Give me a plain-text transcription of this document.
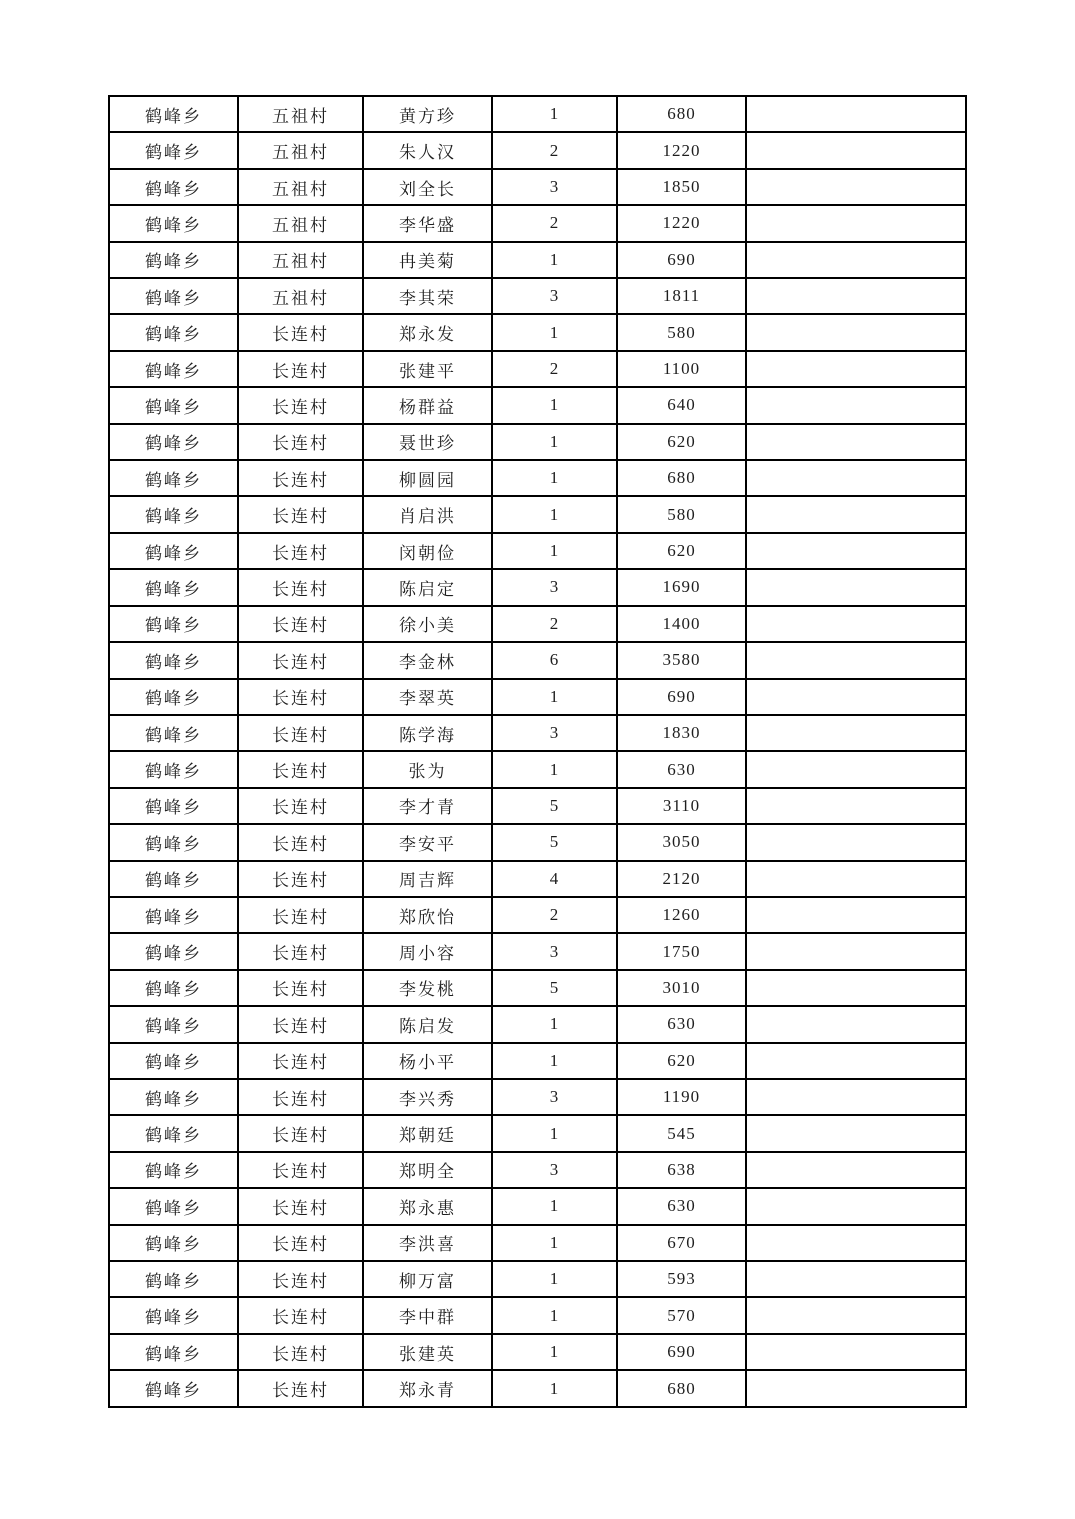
鹤峰乡	五祖村	黄方珍	1	680	
鹤峰乡	五祖村	朱人汉	2	1220	
鹤峰乡	五祖村	刘全长	3	1850	
鹤峰乡	五祖村	李华盛	2	1220	
鹤峰乡	五祖村	冉美菊	1	690	
鹤峰乡	五祖村	李其荣	3	1811	
鹤峰乡	长连村	郑永发	1	580	
鹤峰乡	长连村	张建平	2	1100	
鹤峰乡	长连村	杨群益	1	640	
鹤峰乡	长连村	聂世珍	1	620	
鹤峰乡	长连村	柳圆园	1	680	
鹤峰乡	长连村	肖启洪	1	580	
鹤峰乡	长连村	闵朝俭	1	620	
鹤峰乡	长连村	陈启定	3	1690	
鹤峰乡	长连村	徐小美	2	1400	
鹤峰乡	长连村	李金林	6	3580	
鹤峰乡	长连村	李翠英	1	690	
鹤峰乡	长连村	陈学海	3	1830	
鹤峰乡	长连村	张为	1	630	
鹤峰乡	长连村	李才青	5	3110	
鹤峰乡	长连村	李安平	5	3050	
鹤峰乡	长连村	周吉辉	4	2120	
鹤峰乡	长连村	郑欣怡	2	1260	
鹤峰乡	长连村	周小容	3	1750	
鹤峰乡	长连村	李发桃	5	3010	
鹤峰乡	长连村	陈启发	1	630	
鹤峰乡	长连村	杨小平	1	620	
鹤峰乡	长连村	李兴秀	3	1190	
鹤峰乡	长连村	郑朝廷	1	545	
鹤峰乡	长连村	郑明全	3	638	
鹤峰乡	长连村	郑永惠	1	630	
鹤峰乡	长连村	李洪喜	1	670	
鹤峰乡	长连村	柳万富	1	593	
鹤峰乡	长连村	李中群	1	570	
鹤峰乡	长连村	张建英	1	690	
鹤峰乡	长连村	郑永青	1	680	
